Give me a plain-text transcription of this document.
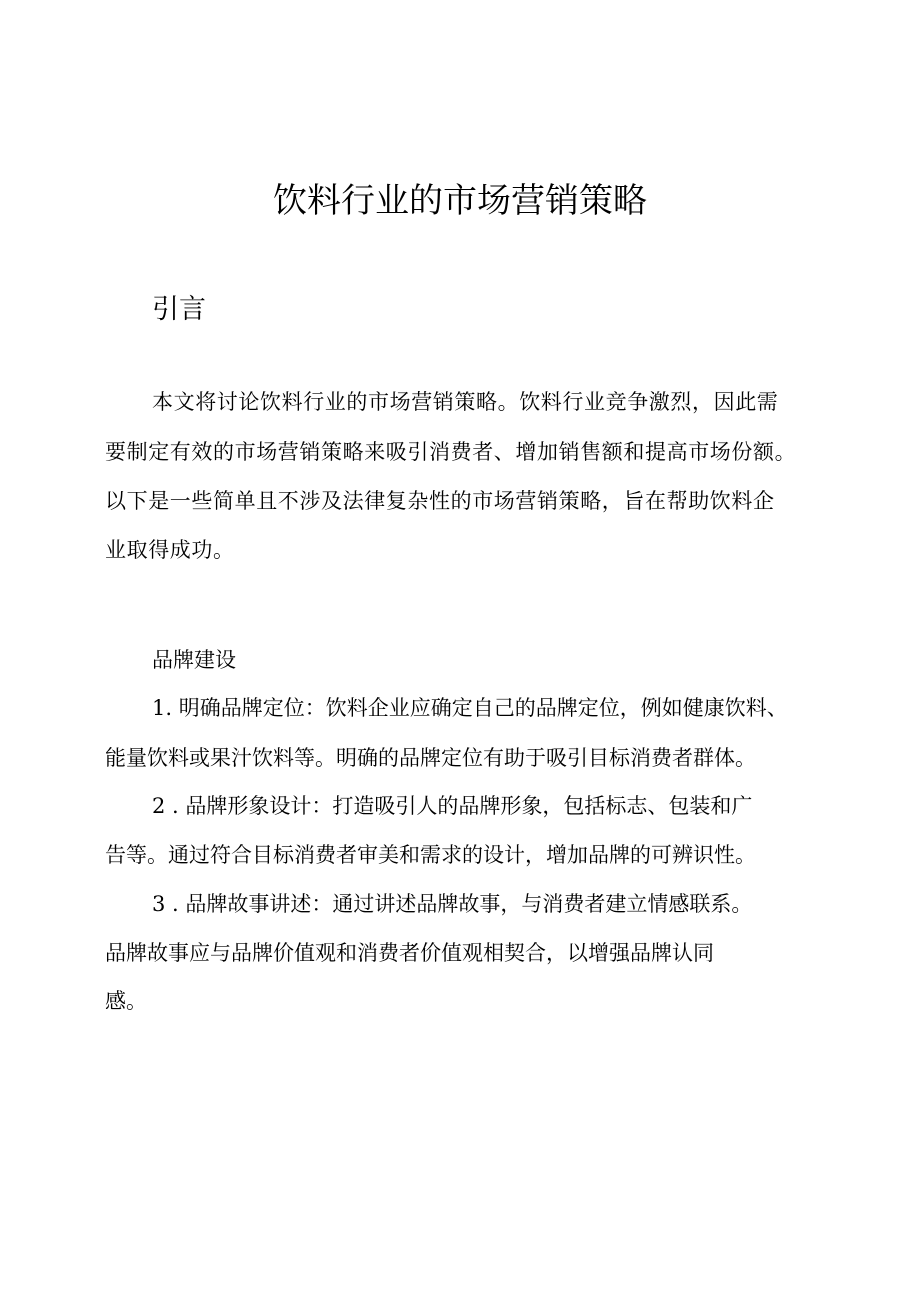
饮料行业的市场营销策略
引言
本文将讨论饮料行业的市场营销策略。饮料行业竞争激烈，因此需
要制定有效的市场营销策略来吸引消费者、增加销售额和提高市场份额。
以下是一些简单且不涉及法律复杂性的市场营销策略，旨在帮助饮料企
业取得成功。
品牌建设
1. 明确品牌定位：饮料企业应确定自己的品牌定位，例如健康饮料、
能量饮料或果汁饮料等。明确的品牌定位有助于吸引目标消费者群体。
2 . 品牌形象设计：打造吸引人的品牌形象，包括标志、包装和广
告等。通过符合目标消费者审美和需求的设计，增加品牌的可辨识性。
3 . 品牌故事讲述：通过讲述品牌故事，与消费者建立情感联系。
品牌故事应与品牌价值观和消费者价值观相契合，以增强品牌认同
感。
